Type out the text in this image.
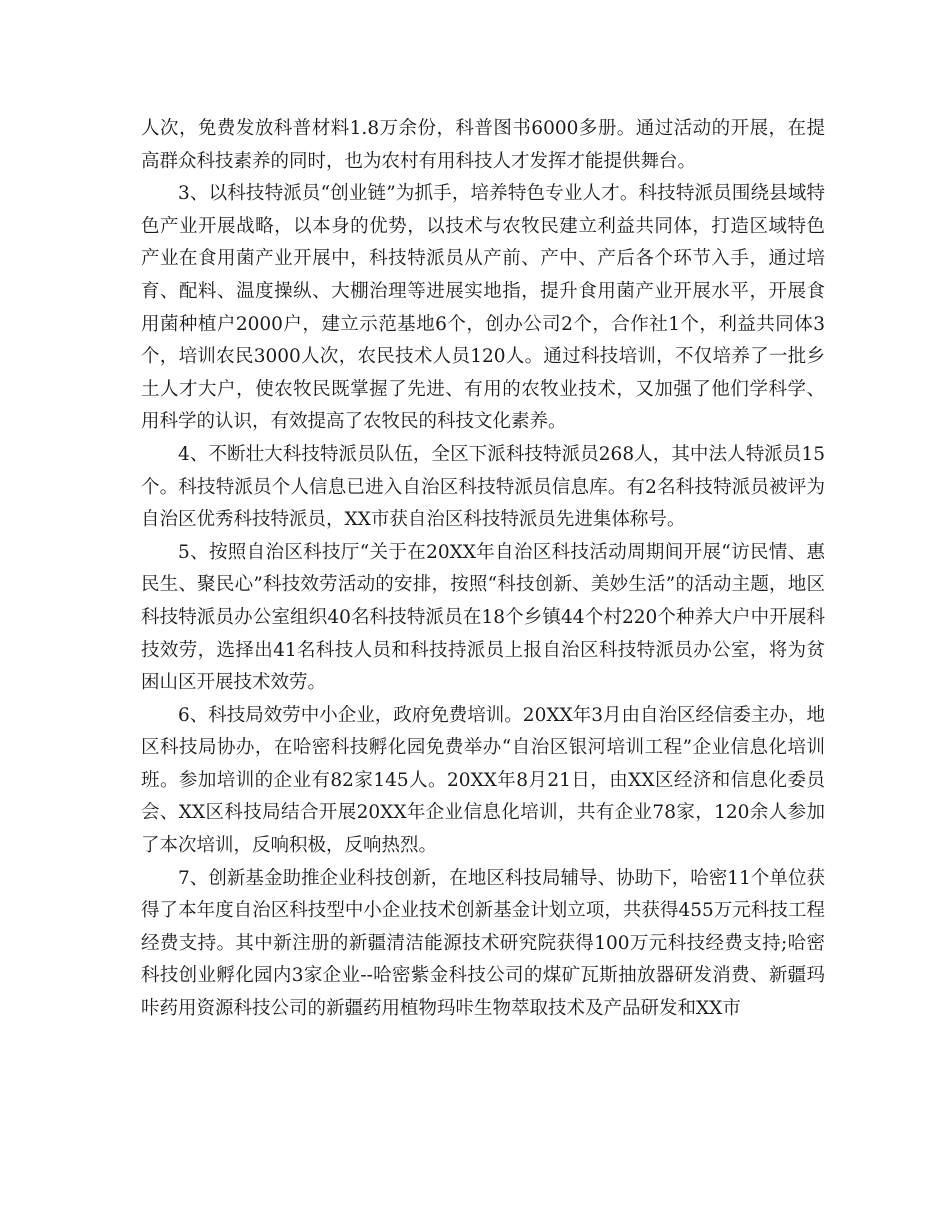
人次，免费发放科普材料1.8万余份，科普图书6000多册。通过活动的开展，在提高群众科技素养的同时，也为农村有用科技人才发挥才能提供舞台。

3、以科技特派员“创业链”为抓手，培养特色专业人才。科技特派员围绕县域特色产业开展战略，以本身的优势，以技术与农牧民建立利益共同体，打造区域特色产业在食用菌产业开展中，科技特派员从产前、产中、产后各个环节入手，通过培育、配料、温度操纵、大棚治理等进展实地指，提升食用菌产业开展水平，开展食用菌种植户2000户，建立示范基地6个，创办公司2个，合作社1个，利益共同体3个，培训农民3000人次，农民技术人员120人。通过科技培训，不仅培养了一批乡土人才大户，使农牧民既掌握了先进、有用的农牧业技术，又加强了他们学科学、用科学的认识，有效提高了农牧民的科技文化素养。

4、不断壮大科技特派员队伍，全区下派科技特派员268人，其中法人特派员15个。科技特派员个人信息已进入自治区科技特派员信息库。有2名科技特派员被评为自治区优秀科技特派员，XX市获自治区科技特派员先进集体称号。

5、按照自治区科技厅“关于在20XX年自治区科技活动周期间开展“访民情、惠民生、聚民心”科技效劳活动的安排，按照“科技创新、美妙生活”的活动主题，地区科技特派员办公室组织40名科技特派员在18个乡镇44个村220个种养大户中开展科技效劳，选择出41名科技人员和科技持派员上报自治区科技特派员办公室，将为贫困山区开展技术效劳。

6、科技局效劳中小企业，政府免费培训。20XX年3月由自治区经信委主办，地区科技局协办，在哈密科技孵化园免费举办“自治区银河培训工程”企业信息化培训班。参加培训的企业有82家145人。20XX年8月21日，由XX区经济和信息化委员会、XX区科技局结合开展20XX年企业信息化培训，共有企业78家，120余人参加了本次培训，反响积极，反响热烈。

7、创新基金助推企业科技创新，在地区科技局辅导、协助下，哈密11个单位获得了本年度自治区科技型中小企业技术创新基金计划立项，共获得455万元科技工程经费支持。其中新注册的新疆清洁能源技术研究院获得100万元科技经费支持;哈密科技创业孵化园内3家企业--哈密紫金科技公司的煤矿瓦斯抽放器研发消费、新疆玛咔药用资源科技公司的新疆药用植物玛咔生物萃取技术及产品研发和XX市
